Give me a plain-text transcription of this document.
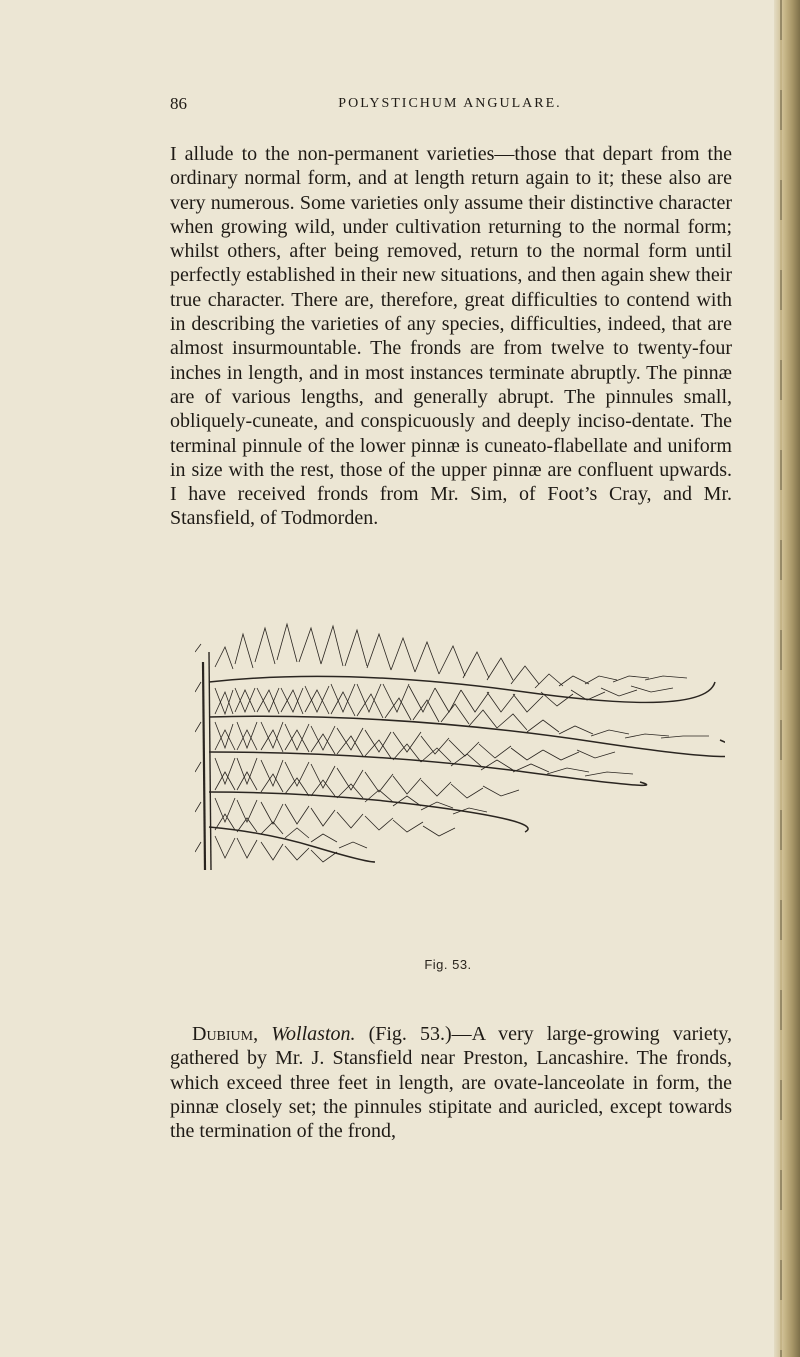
86	POLYSTICHUM ANGULARE.

I allude to the non-permanent varieties—those that depart from the ordinary normal form, and at length return again to it; these also are very numerous. Some varieties only assume their distinctive character when growing wild, under cultivation returning to the normal form; whilst others, after being removed, return to the normal form until perfectly established in their new situations, and then again shew their true character. There are, therefore, great difficulties to contend with in describing the varieties of any species, difficulties, indeed, that are almost insurmountable. The fronds are from twelve to twenty-four inches in length, and in most instances terminate abruptly. The pinnæ are of various lengths, and generally abrupt. The pinnules small, obliquely-cuneate, and conspicuously and deeply inciso-dentate. The terminal pinnule of the lower pinnæ is cuneato-flabellate and uniform in size with the rest, those of the upper pinnæ are confluent upwards. I have received fronds from Mr. Sim, of Foot’s Cray, and Mr. Stansfield, of Todmorden.

Fig. 53.

Dubium, Wollaston. (Fig. 53.)—A very large-growing variety, gathered by Mr. J. Stansfield near Preston, Lancashire. The fronds, which exceed three feet in length, are ovate-lanceolate in form, the pinnæ closely set; the pinnules stipitate and auricled, except towards the termination of the frond,
